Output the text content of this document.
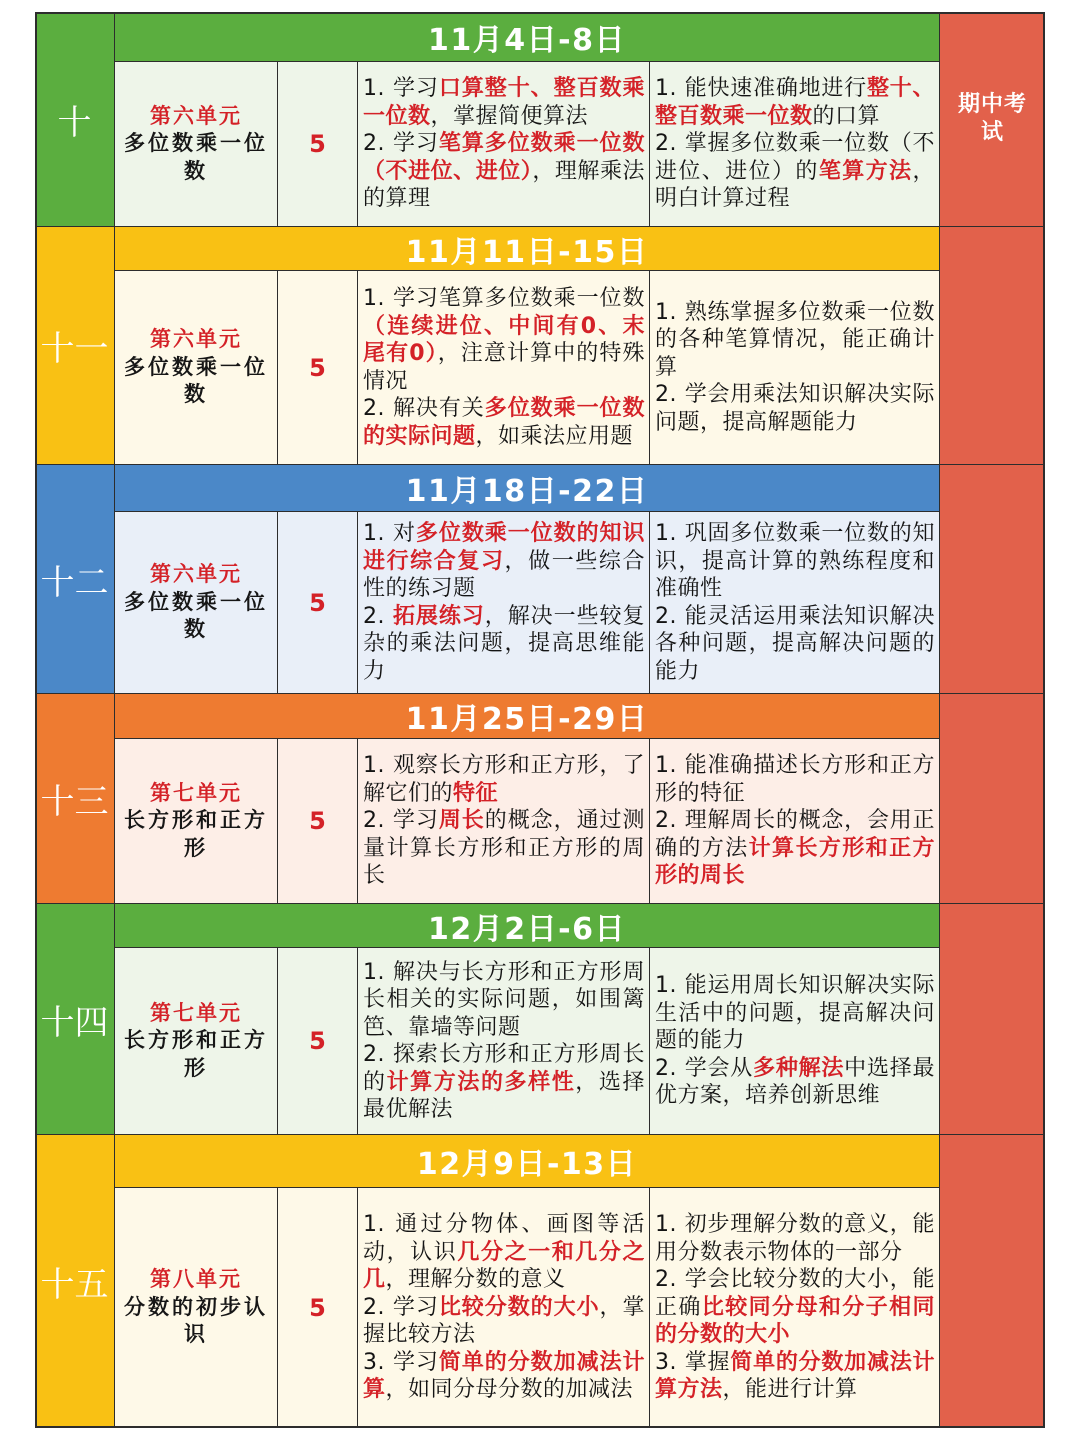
十
11月4日-8日
第六单元
多位数乘一位数
5

1. 学习口算整十、整百数乘一位数，掌握简便算法

2. 学习笔算多位数乘一位数（不进位、进位），理解乘法的算理

1. 能快速准确地进行整十、整百数乘一位数的口算

2. 掌握多位数乘一位数（不进位、进位）的笔算方法，明白计算过程

期中考试
十一
11月11日-15日
第六单元
多位数乘一位数
5

1. 学习笔算多位数乘一位数（连续进位、中间有0、末尾有0），注意计算中的特殊情况

2. 解决有关多位数乘一位数的实际问题，如乘法应用题

1. 熟练掌握多位数乘一位数的各种笔算情况，能正确计算

2. 学会用乘法知识解决实际问题，提高解题能力

十二
11月18日-22日
第六单元
多位数乘一位数
5

1. 对多位数乘一位数的知识进行综合复习，做一些综合性的练习题

2. 拓展练习，解决一些较复杂的乘法问题，提高思维能力

1. 巩固多位数乘一位数的知识，提高计算的熟练程度和准确性

2. 能灵活运用乘法知识解决各种问题，提高解决问题的能力

十三
11月25日-29日
第七单元
长方形和正方形
5

1. 观察长方形和正方形，了解它们的特征

2. 学习周长的概念，通过测量计算长方形和正方形的周长

1. 能准确描述长方形和正方形的特征

2. 理解周长的概念，会用正确的方法计算长方形和正方形的周长

十四
12月2日-6日
第七单元
长方形和正方形
5

1. 解决与长方形和正方形周长相关的实际问题，如围篱笆、靠墙等问题

2. 探索长方形和正方形周长的计算方法的多样性，选择最优解法

1. 能运用周长知识解决实际生活中的问题，提高解决问题的能力

2. 学会从多种解法中选择最优方案，培养创新思维

十五
12月9日-13日
第八单元
分数的初步认识
5

1. 通过分物体、画图等活动，认识几分之一和几分之几，理解分数的意义

2. 学习比较分数的大小，掌握比较方法

3. 学习简单的分数加减法计算，如同分母分数的加减法

1. 初步理解分数的意义，能用分数表示物体的一部分

2. 学会比较分数的大小，能正确比较同分母和分子相同的分数的大小

3. 掌握简单的分数加减法计算方法，能进行计算
